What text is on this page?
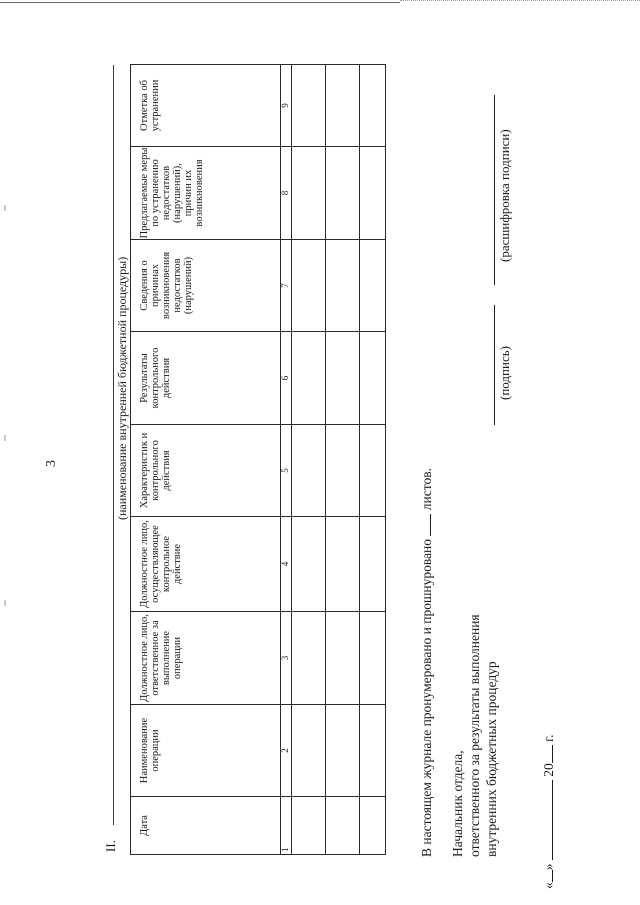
3
II.
(наименование внутренней бюджетной процедуры)
Дата	Наименование операции	Должностное лицо, ответственное за выполнение операции	Должностное лицо, осуществляющее контрольное действие	Характеристик и контрольного действия	Результаты контрольного действия	Сведения о причинах возникновения недостатков (нарушений)	Предлагаемые меры по устранению недостатков (нарушений), причин их возникновения	Отметка об устранении
1	2	3	4	5	6	7	8	9

В настоящем журнале пронумеровано и прошнуровано  листов.
Начальник отдела, ответственного за результаты выполнения внутренних бюджетных процедур
(подпись)
(расшифровка подписи)
«»  20 г.
